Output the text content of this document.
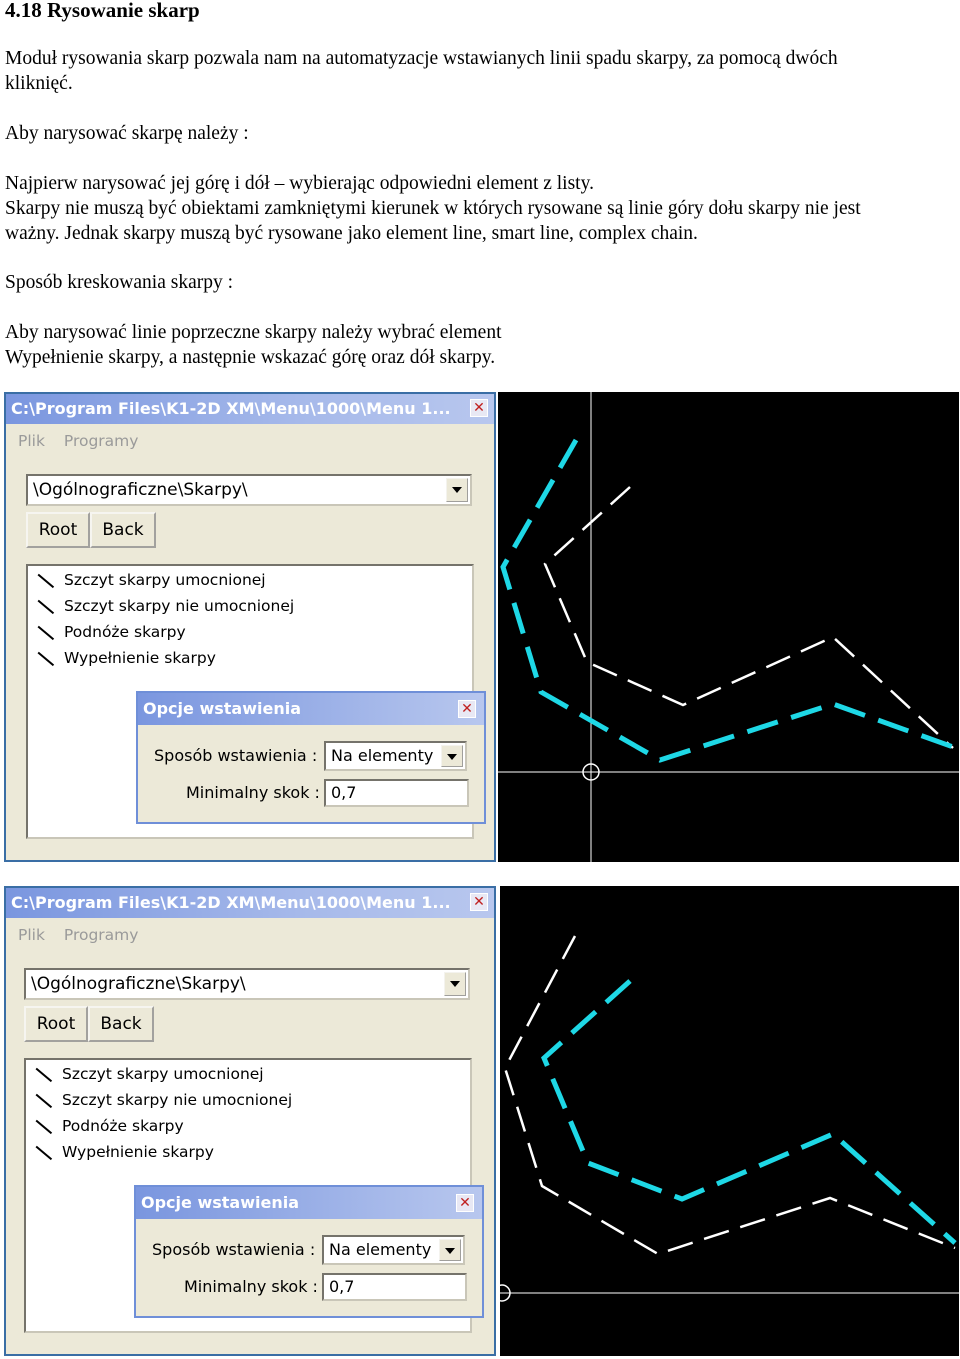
4.18 Rysowanie skarp
Moduł rysowania skarp pozwala nam na automatyzacje wstawianych linii spadu skarpy, za pomocą dwóch
kliknięć.
Aby narysować skarpę należy :
Najpierw narysować jej górę i dół – wybierając odpowiedni element z listy.
Skarpy nie muszą być obiektami zamkniętymi kierunek w których rysowane są linie góry dołu skarpy nie jest
ważny. Jednak skarpy muszą być rysowane jako element line, smart line, complex chain.
Sposób kreskowania skarpy :
Aby narysować linie poprzeczne skarpy należy wybrać element
Wypełnienie skarpy, a następnie wskazać górę oraz dół skarpy.
C:\Program Files\K1-2D XM\Menu\1000\Menu 1...	✕
Plik Programy
\Ogólnograficzne\Skarpy\
Root	Back
Szczyt skarpy umocnionej
Szczyt skarpy nie umocnionej
Podnóże skarpy
Wypełnienie skarpy
Opcje wstawienia	✕
Sposób wstawienia : Na elementy
Minimalny skok : 0,7
C:\Program Files\K1-2D XM\Menu\1000\Menu 1...	✕
Plik Programy
\Ogólnograficzne\Skarpy\
Root	Back
Szczyt skarpy umocnionej
Szczyt skarpy nie umocnionej
Podnóże skarpy
Wypełnienie skarpy
Opcje wstawienia	✕
Sposób wstawienia : Na elementy
Minimalny skok : 0,7
